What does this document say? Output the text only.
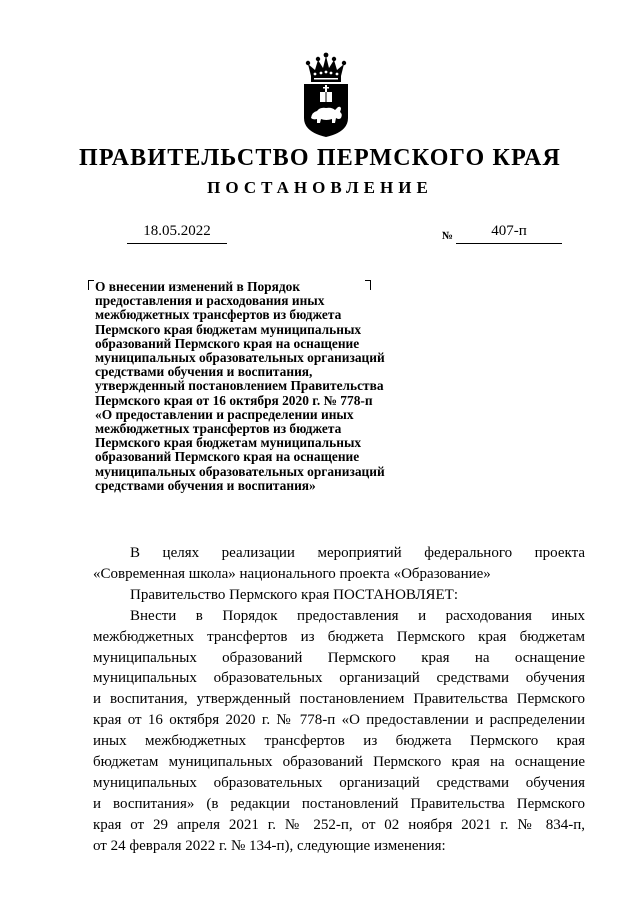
ПРАВИТЕЛЬСТВО ПЕРМСКОГО КРАЯ
ПОСТАНОВЛЕНИЕ
18.05.2022	№	407-п
О внесении изменений в Порядок
предоставления и расходования иных
межбюджетных трансфертов из бюджета
Пермского края бюджетам муниципальных
образований Пермского края на оснащение
муниципальных образовательных организаций
средствами обучения и воспитания,
утвержденный постановлением Правительства
Пермского края от 16 октября 2020 г. № 778-п
«О предоставлении и распределении иных
межбюджетных трансфертов из бюджета
Пермского края бюджетам муниципальных
образований Пермского края на оснащение
муниципальных образовательных организаций
средствами обучения и воспитания»
В целях реализации мероприятий федерального проекта
«Современная школа» национального проекта «Образование»
Правительство Пермского края ПОСТАНОВЛЯЕТ:
Внести в Порядок предоставления и расходования иных
межбюджетных трансфертов из бюджета Пермского края бюджетам
муниципальных образований Пермского края на оснащение
муниципальных образовательных организаций средствами обучения
и воспитания, утвержденный постановлением Правительства Пермского
края от 16 октября 2020 г. № 778-п «О предоставлении и распределении
иных межбюджетных трансфертов из бюджета Пермского края
бюджетам муниципальных образований Пермского края на оснащение
муниципальных образовательных организаций средствами обучения
и воспитания» (в редакции постановлений Правительства Пермского
края от 29 апреля 2021 г. № 252-п, от 02 ноября 2021 г. № 834-п,
от 24 февраля 2022 г. № 134-п), следующие изменения:
